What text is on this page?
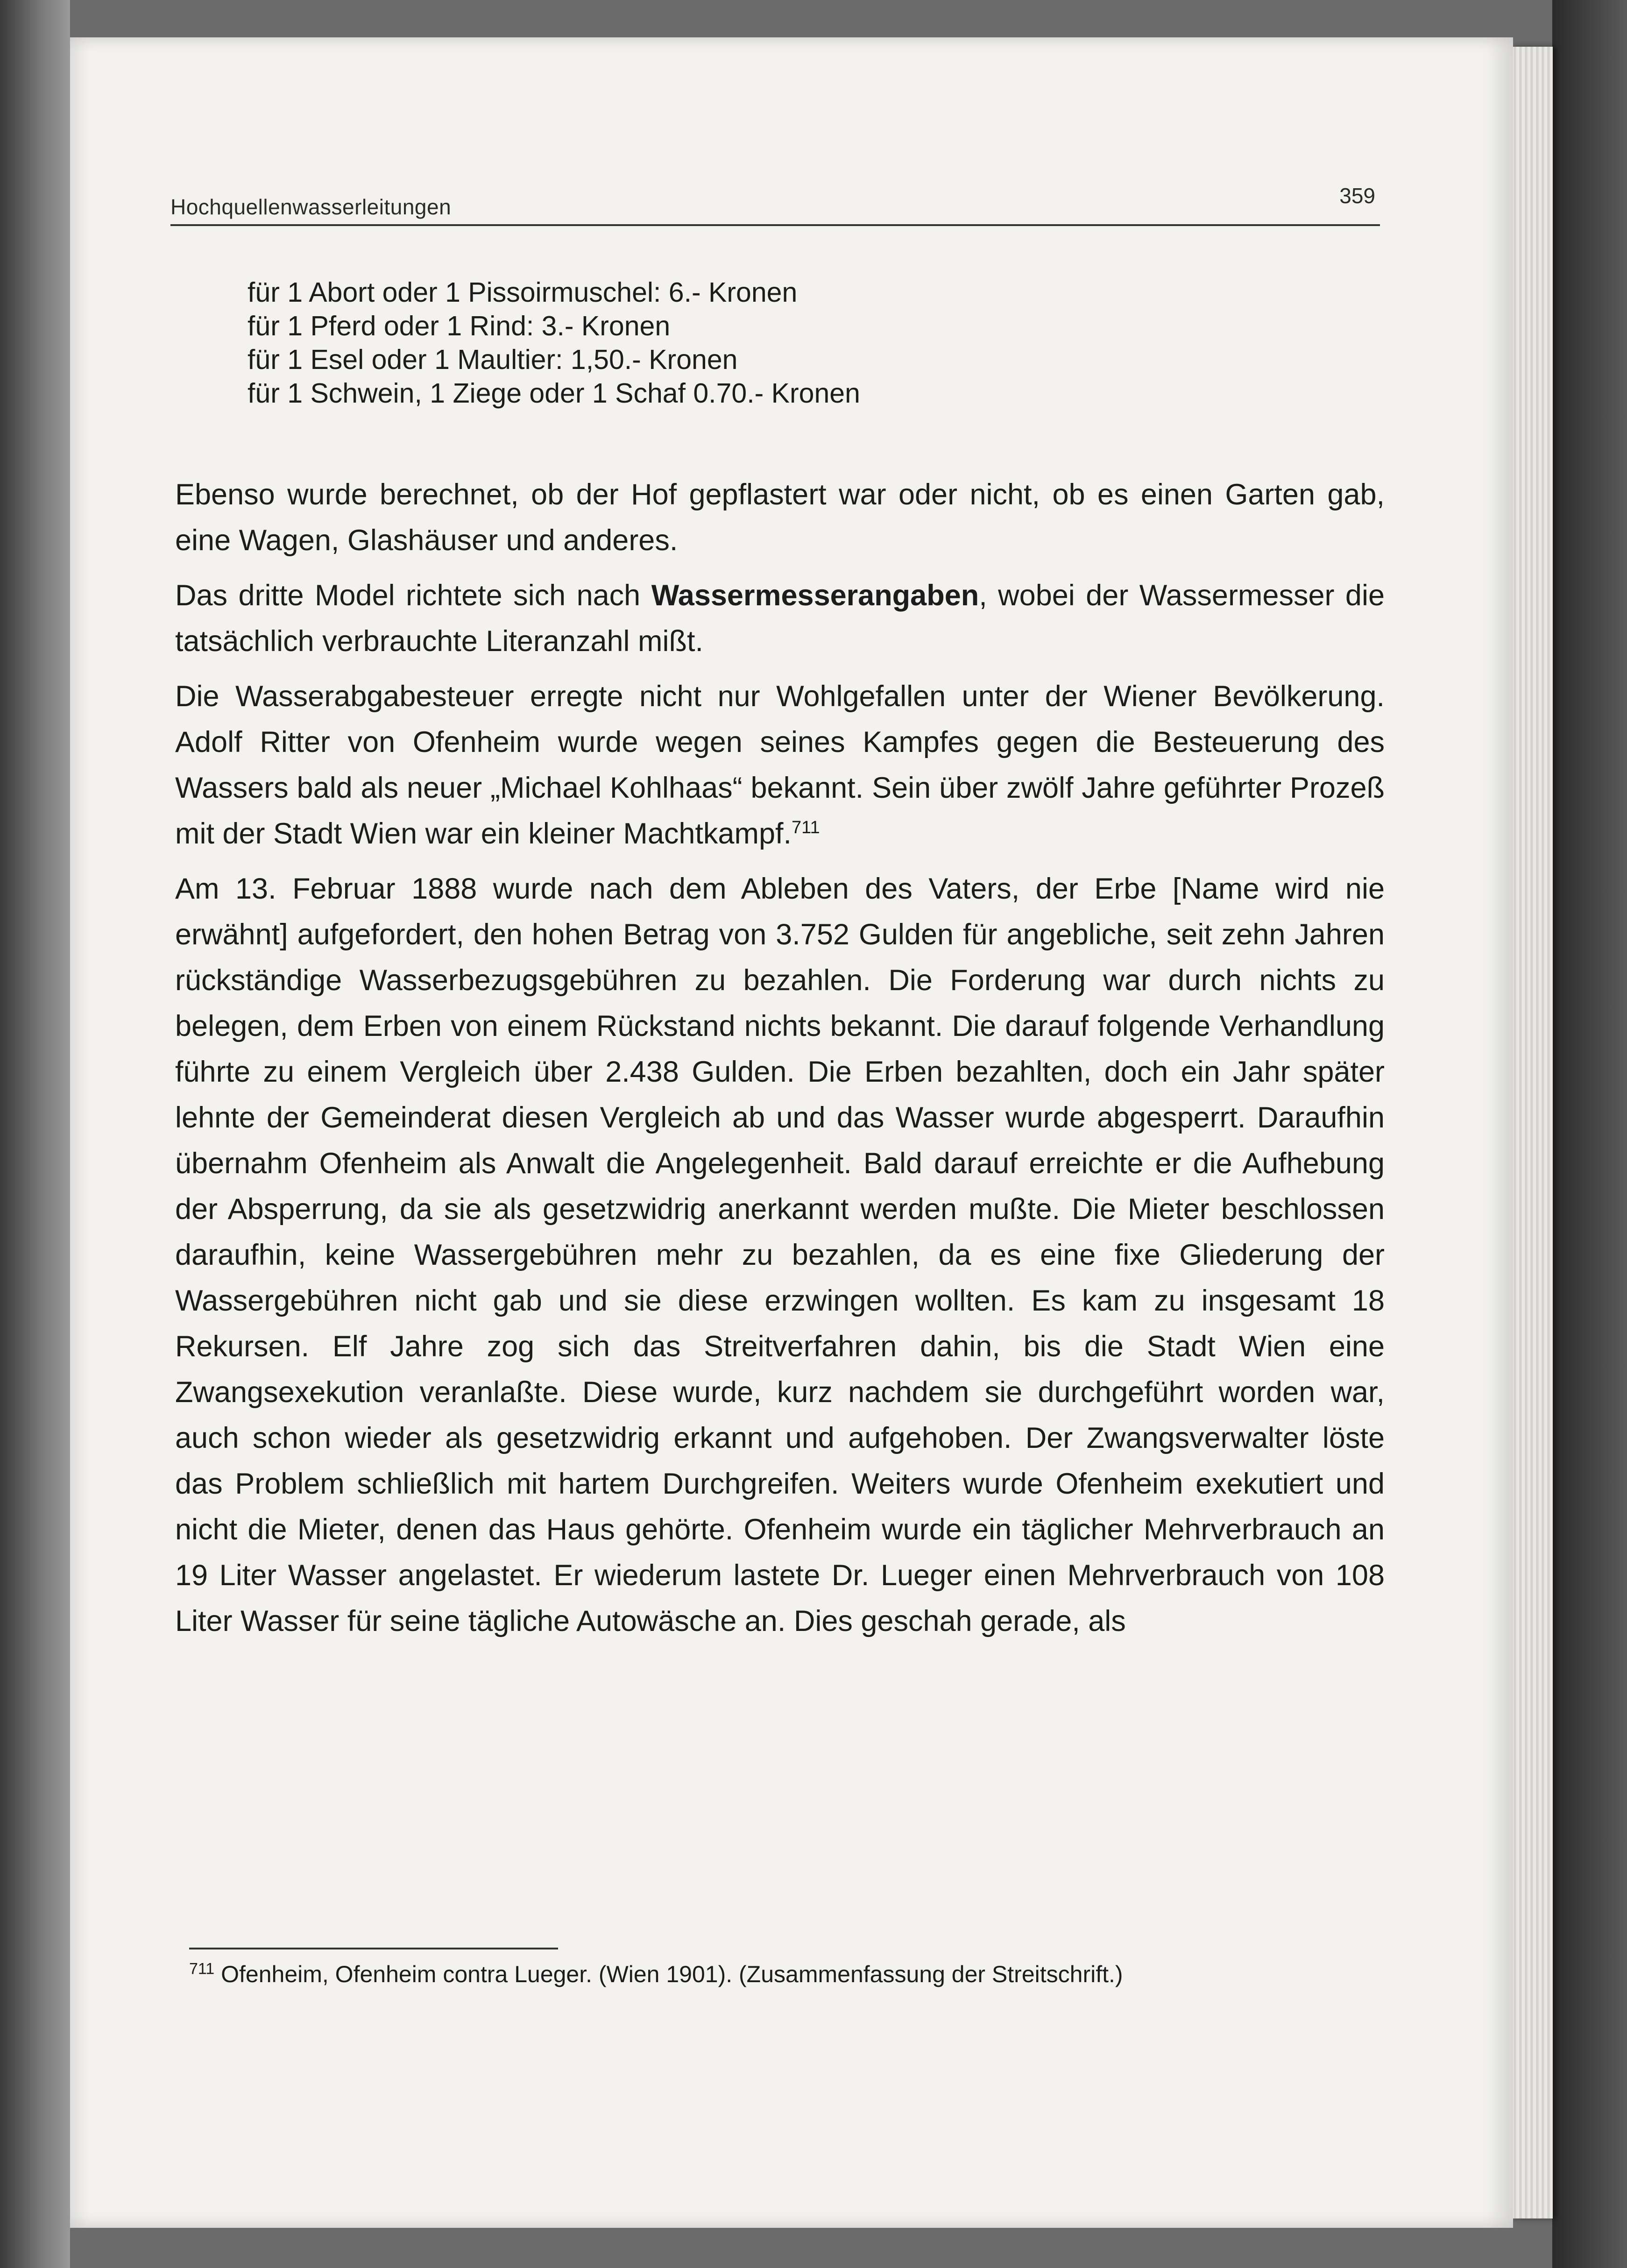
Hochquellenwasserleitungen	359
für 1 Abort oder 1 Pissoirmuschel: 6.- Kronen
für 1 Pferd oder 1 Rind: 3.- Kronen
für 1 Esel oder 1 Maultier: 1,50.- Kronen
für 1 Schwein, 1 Ziege oder 1 Schaf 0.70.- Kronen

Ebenso wurde berechnet, ob der Hof gepflastert war oder nicht, ob es einen Garten gab, eine Wagen, Glashäuser und anderes.

Das dritte Model richtete sich nach Wassermesserangaben, wobei der Wassermesser die tatsächlich verbrauchte Literanzahl mißt.

Die Wasserabgabesteuer erregte nicht nur Wohlgefallen unter der Wiener Bevölkerung. Adolf Ritter von Ofenheim wurde wegen seines Kampfes gegen die Besteuerung des Wassers bald als neuer „Michael Kohlhaas“ bekannt. Sein über zwölf Jahre geführter Prozeß mit der Stadt Wien war ein kleiner Machtkampf.$^{711}$

Am 13. Februar 1888 wurde nach dem Ableben des Vaters, der Erbe [Name wird nie erwähnt] aufgefordert, den hohen Betrag von 3.752 Gulden für angebliche, seit zehn Jahren rückständige Wasserbezugsgebühren zu bezahlen. Die Forderung war durch nichts zu belegen, dem Erben von einem Rückstand nichts bekannt. Die darauf folgende Verhandlung führte zu einem Vergleich über 2.438 Gulden. Die Erben bezahlten, doch ein Jahr später lehnte der Gemeinderat diesen Vergleich ab und das Wasser wurde abgesperrt. Daraufhin übernahm Ofenheim als Anwalt die Angelegenheit. Bald darauf erreichte er die Aufhebung der Absperrung, da sie als gesetzwidrig anerkannt werden mußte. Die Mieter beschlossen daraufhin, keine Wassergebühren mehr zu bezahlen, da es eine fixe Gliederung der Wassergebühren nicht gab und sie diese erzwingen wollten. Es kam zu insgesamt 18 Rekursen. Elf Jahre zog sich das Streitverfahren dahin, bis die Stadt Wien eine Zwangsexekution veranlaßte. Diese wurde, kurz nachdem sie durchgeführt worden war, auch schon wieder als gesetzwidrig erkannt und aufgehoben. Der Zwangsverwalter löste das Problem schließlich mit hartem Durchgreifen. Weiters wurde Ofenheim exekutiert und nicht die Mieter, denen das Haus gehörte. Ofenheim wurde ein täglicher Mehrverbrauch an 19 Liter Wasser angelastet. Er wiederum lastete Dr. Lueger einen Mehrverbrauch von 108 Liter Wasser für seine tägliche Autowäsche an. Dies geschah gerade, als

$^{711}$ Ofenheim, Ofenheim contra Lueger. (Wien 1901). (Zusammenfassung der Streitschrift.)
